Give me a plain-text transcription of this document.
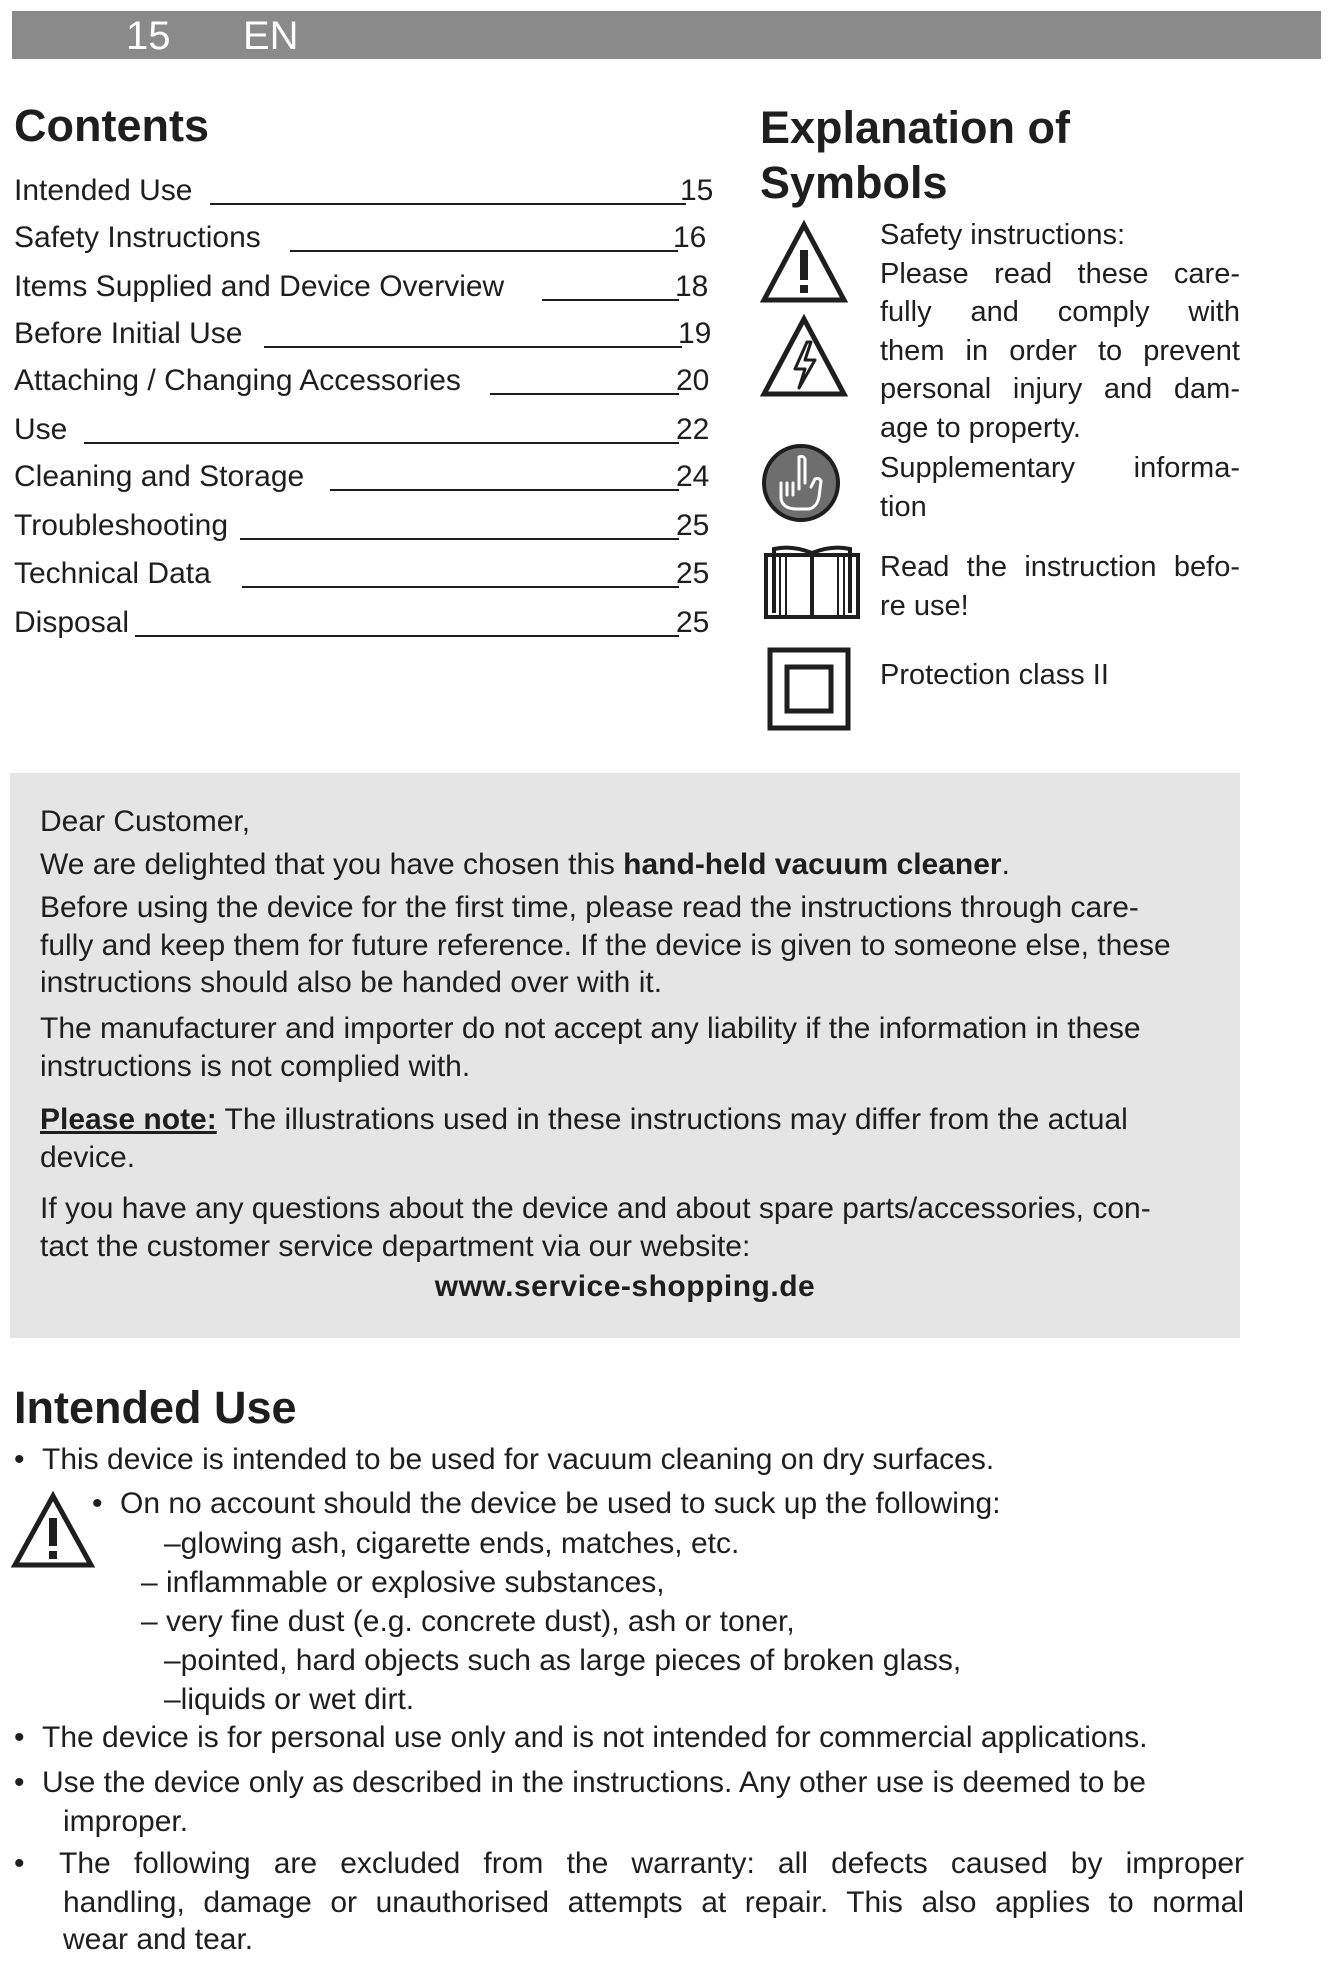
15 EN
Contents
Intended Use	15
Safety Instructions	16
Items Supplied and Device Overview	18
Before Initial Use	19
Attaching / Changing Accessories	20
Use	22
Cleaning and Storage	24
Troubleshooting	25
Technical Data	25
Disposal	25
Explanation of
Symbols
Safety instructions:
Please read these care-
fully and comply with
them in order to prevent
personal injury and dam-
age to property.
Supplementary informa-
tion
Read the instruction befo-
re use!
Protection class II

Dear Customer,

We are delighted that you have chosen this hand-held vacuum cleaner.

Before using the device for the first time, please read the instructions through care-
fully and keep them for future reference. If the device is given to someone else, these
instructions should also be handed over with it.
The manufacturer and importer do not accept any liability if the information in these
instructions is not complied with.
Please note: The illustrations used in these instructions may differ from the actual
device.
If you have any questions about the device and about spare parts/accessories, con-
tact the customer service department via our website:
www.service-shopping.de
Intended Use
• This device is intended to be used for vacuum cleaning on dry surfaces.
• On no account should the device be used to suck up the following:
–glowing ash, cigarette ends, matches, etc.
– inflammable or explosive substances,
– very fine dust (e.g. concrete dust), ash or toner,
–pointed, hard objects such as large pieces of broken glass,
–liquids or wet dirt.
• The device is for personal use only and is not intended for commercial applications.
• Use the device only as described in the instructions. Any other use is deemed to be
improper.
• The following are excluded from the warranty: all defects caused by improper
handling, damage or unauthorised attempts at repair. This also applies to normal
wear and tear.
